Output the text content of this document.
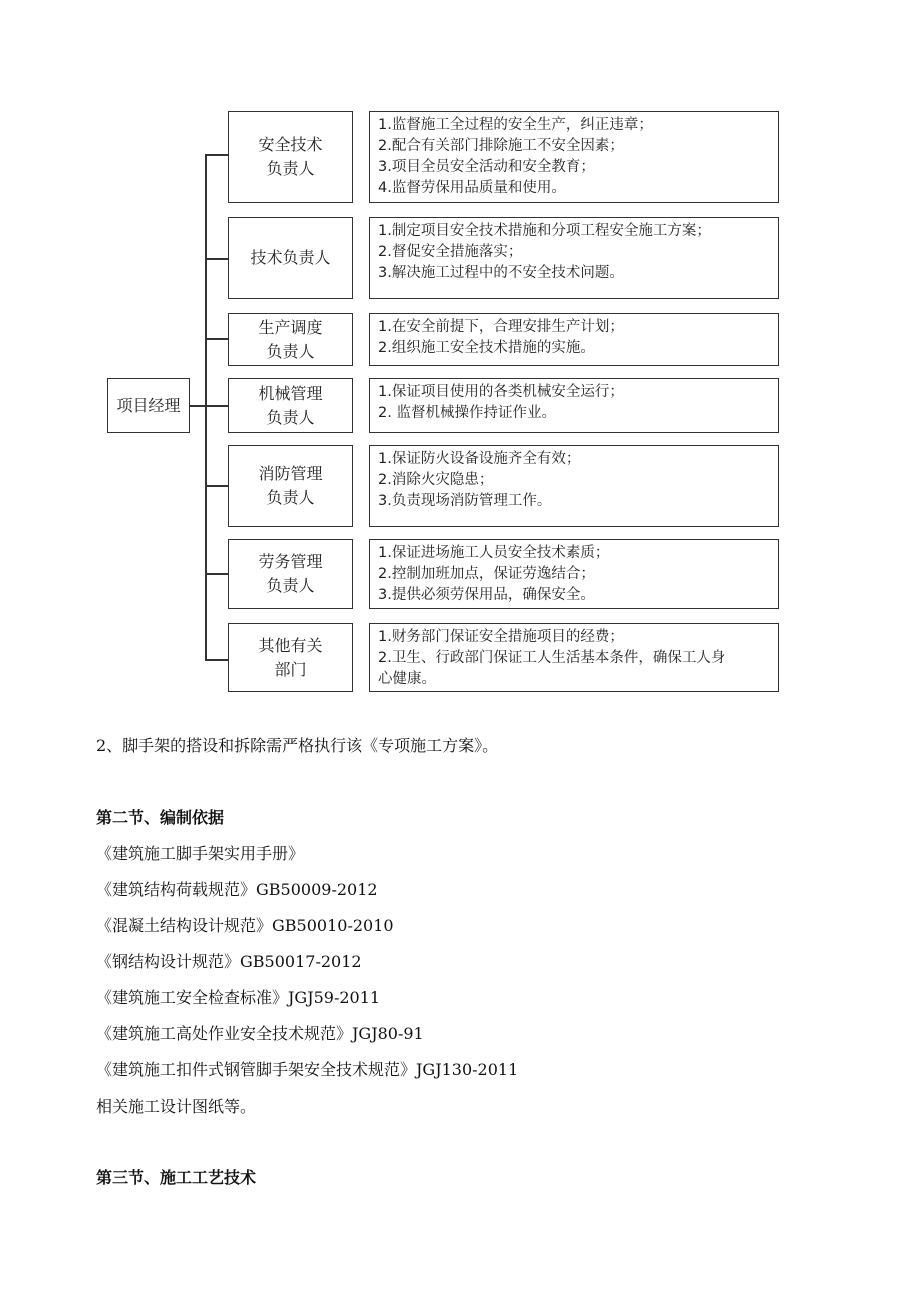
项目经理
安全技术
负责人
1.监督施工全过程的安全生产，纠正违章；
2.配合有关部门排除施工不安全因素；
3.项目全员安全活动和安全教育；
4.监督劳保用品质量和使用。
技术负责人
1.制定项目安全技术措施和分项工程安全施工方案；
2.督促安全措施落实；
3.解决施工过程中的不安全技术问题。
生产调度
负责人
1.在安全前提下，合理安排生产计划；
2.组织施工安全技术措施的实施。
机械管理
负责人
1.保证项目使用的各类机械安全运行；
2. 监督机械操作持证作业。
消防管理
负责人
1.保证防火设备设施齐全有效；
2.消除火灾隐患；
3.负责现场消防管理工作。
劳务管理
负责人
1.保证进场施工人员安全技术素质；
2.控制加班加点，保证劳逸结合；
3.提供必须劳保用品，确保安全。
其他有关
部门
1.财务部门保证安全措施项目的经费；
2.卫生、行政部门保证工人生活基本条件，确保工人身
心健康。
2、脚手架的搭设和拆除需严格执行该《专项施工方案》。
第二节、编制依据
《建筑施工脚手架实用手册》
《建筑结构荷载规范》GB50009-2012
《混凝土结构设计规范》GB50010-2010
《钢结构设计规范》GB50017-2012
《建筑施工安全检查标准》JGJ59-2011
《建筑施工高处作业安全技术规范》JGJ80-91
《建筑施工扣件式钢管脚手架安全技术规范》JGJ130-2011
相关施工设计图纸等。
第三节、施工工艺技术
